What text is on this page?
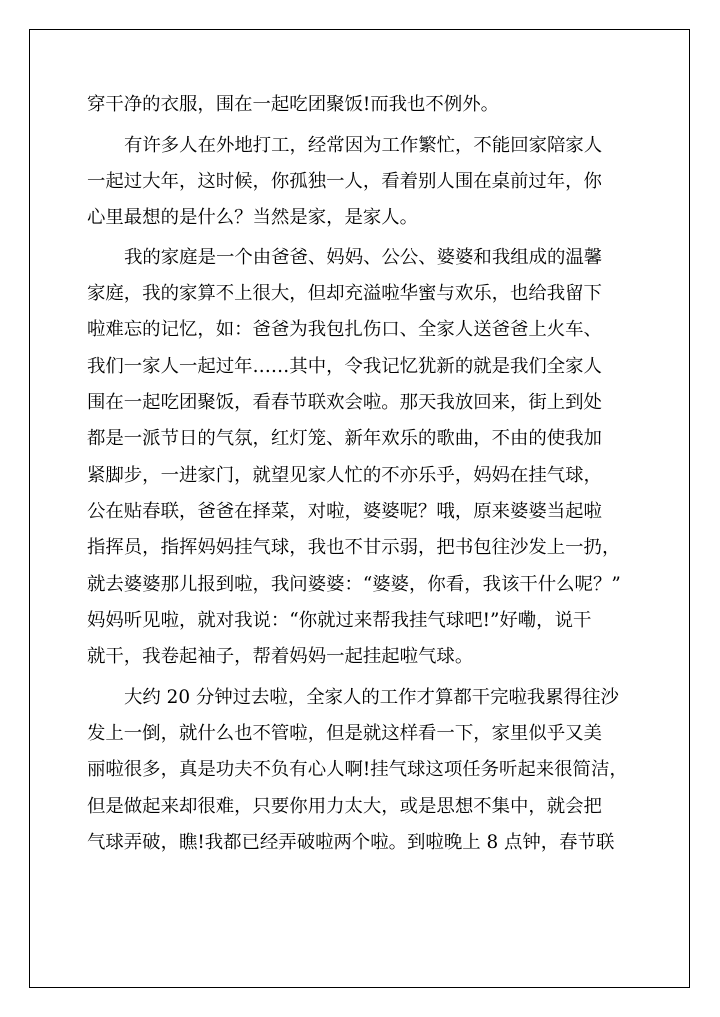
穿干净的衣服，围在一起吃团聚饭!而我也不例外。

有许多人在外地打工，经常因为工作繁忙，不能回家陪家人

一起过大年，这时候，你孤独一人，看着别人围在桌前过年，你

心里最想的是什么？当然是家，是家人。

我的家庭是一个由爸爸、妈妈、公公、婆婆和我组成的温馨

家庭，我的家算不上很大，但却充溢啦华蜜与欢乐，也给我留下

啦难忘的记忆，如：爸爸为我包扎伤口、全家人送爸爸上火车、

我们一家人一起过年……其中，令我记忆犹新的就是我们全家人

围在一起吃团聚饭，看春节联欢会啦。那天我放回来，街上到处

都是一派节日的气氛，红灯笼、新年欢乐的歌曲，不由的使我加

紧脚步，一进家门，就望见家人忙的不亦乐乎，妈妈在挂气球，

公在贴春联，爸爸在择菜，对啦，婆婆呢？哦，原来婆婆当起啦

指挥员，指挥妈妈挂气球，我也不甘示弱，把书包往沙发上一扔，

就去婆婆那儿报到啦，我问婆婆：“婆婆，你看，我该干什么呢？”

妈妈听见啦，就对我说：“你就过来帮我挂气球吧!”好嘞，说干

就干，我卷起袖子，帮着妈妈一起挂起啦气球。

大约 20 分钟过去啦，全家人的工作才算都干完啦我累得往沙

发上一倒，就什么也不管啦，但是就这样看一下，家里似乎又美

丽啦很多，真是功夫不负有心人啊!挂气球这项任务听起来很简洁，

但是做起来却很难，只要你用力太大，或是思想不集中，就会把

气球弄破，瞧!我都已经弄破啦两个啦。到啦晚上 8 点钟，春节联
